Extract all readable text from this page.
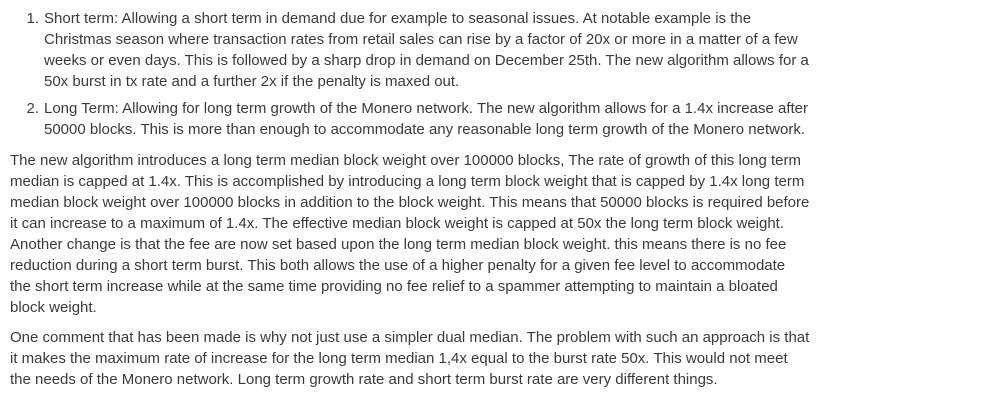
1. Short term: Allowing a short term in demand due for example to seasonal issues. At notable example is the Christmas season where transaction rates from retail sales can rise by a factor of 20x or more in a matter of a few weeks or even days. This is followed by a sharp drop in demand on December 25th. The new algorithm allows for a 50x burst in tx rate and a further 2x if the penalty is maxed out.
2. Long Term: Allowing for long term growth of the Monero network. The new algorithm allows for a 1.4x increase after 50000 blocks. This is more than enough to accommodate any reasonable long term growth of the Monero network.

The new algorithm introduces a long term median block weight over 100000 blocks, The rate of growth of this long term median is capped at 1.4x. This is accomplished by introducing a long term block weight that is capped by 1.4x long term median block weight over 100000 blocks in addition to the block weight. This means that 50000 blocks is required before it can increase to a maximum of 1.4x. The effective median block weight is capped at 50x the long term block weight. Another change is that the fee are now set based upon the long term median block weight. this means there is no fee reduction during a short term burst. This both allows the use of a higher penalty for a given fee level to accommodate the short term increase while at the same time providing no fee relief to a spammer attempting to maintain a bloated block weight.

One comment that has been made is why not just use a simpler dual median. The problem with such an approach is that it makes the maximum rate of increase for the long term median 1,4x equal to the burst rate 50x. This would not meet the needs of the Monero network. Long term growth rate and short term burst rate are very different things.
